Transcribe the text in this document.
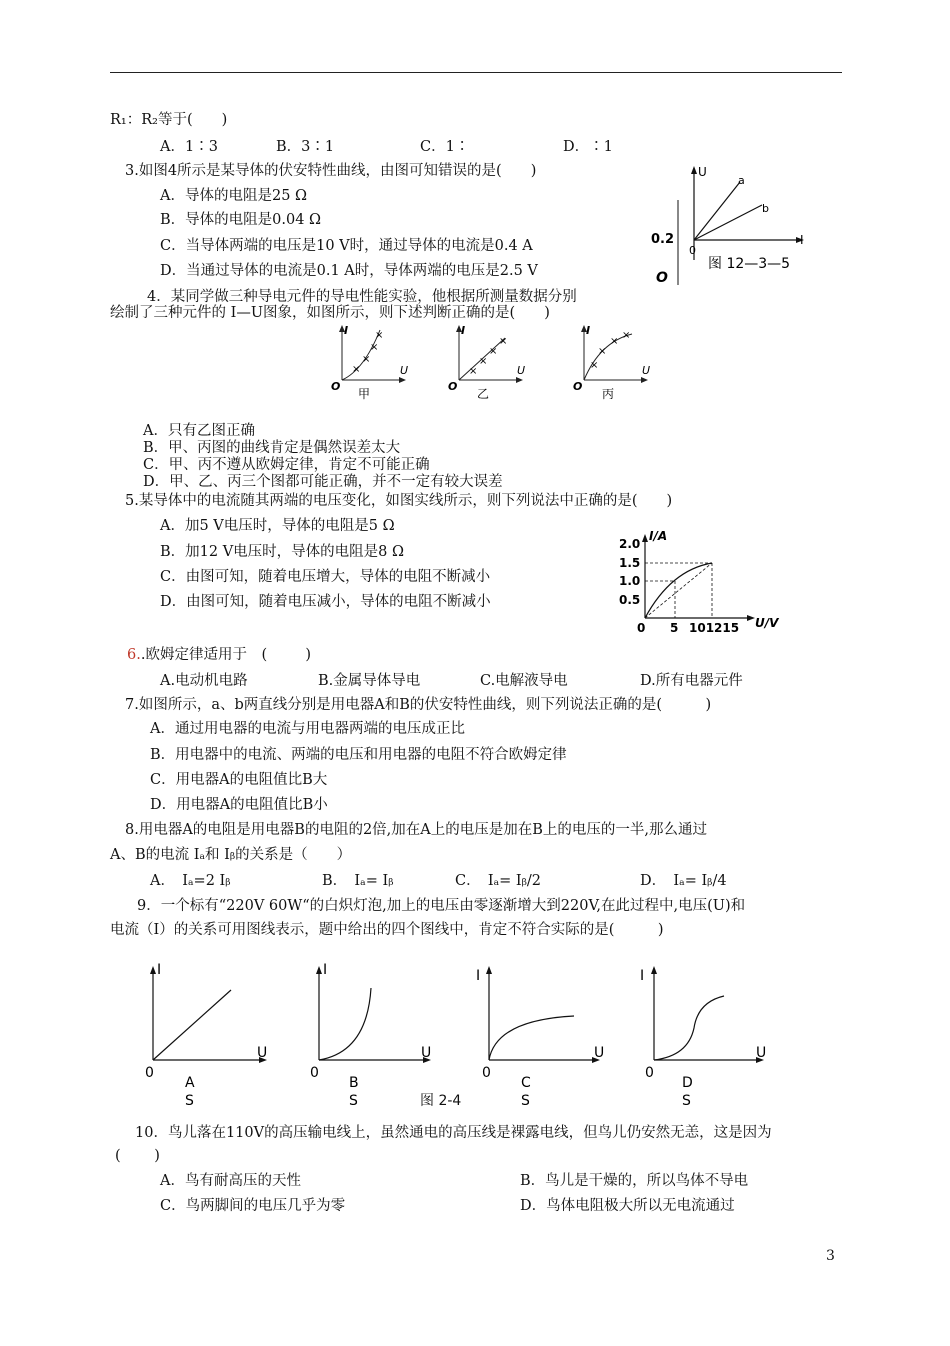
R₁：R₂等于(　　)
A．1∶3	B．3∶1	C．1∶	D．∶1
3.如图4所示是某导体的伏安特性曲线，由图可知错误的是(　　)
A．导体的电阻是25 Ω
B．导体的电阻是0.04 Ω
C．当导体两端的电压是10 V时，通过导体的电流是0.4 A
D．当通过导体的电流是0.1 A时，导体两端的电压是2.5 V
U
a
b
I
0
0.2
O
图 12—3—5
4．某同学做三种导电元件的导电性能实验，他根据所测量数据分别
绘制了三种元件的 I—U图象，如图所示，则下述判断正确的是(　　)
×
×
×
×
I
U
O
甲
×
×
×
×
I
U
O
乙
×
×
×
×
I
U
O
丙
A．只有乙图正确
B．甲、丙图的曲线肯定是偶然误差太大
C．甲、丙不遵从欧姆定律，肯定不可能正确
D．甲、乙、丙三个图都可能正确，并不一定有较大误差
5.某导体中的电流随其两端的电压变化，如图实线所示，则下列说法中正确的是(　　)
A．加5 V电压时，导体的电阻是5 Ω
B．加12 V电压时，导体的电阻是8 Ω
C．由图可知，随着电压增大，导体的电阻不断减小
D．由图可知，随着电压减小，导体的电阻不断减小
I/A
2.0
1.5
1.0
0.5
0 5 101215 U/V
6..欧姆定律适用于　( 　　 )
A.电动机电路	B.金属导体导电	C.电解液导电	D.所有电器元件
7.如图所示，a、b两直线分别是用电器A和B的伏安特性曲线，则下列说法正确的是(　　　)
A．通过用电器的电流与用电器两端的电压成正比
B．用电器中的电流、两端的电压和用电器的电阻不符合欧姆定律
C．用电器A的电阻值比B大
D．用电器A的电阻值比B小
8.用电器A的电阻是用电器B的电阻的2倍,加在A上的电压是加在B上的电压的一半,那么通过
A、B的电流 Iₐ和 Iᵦ的关系是（　　）
A．　Iₐ=2 Iᵦ	B．　Iₐ= Iᵦ	C．　Iₐ= Iᵦ/2	D．　Iₐ= Iᵦ/4
9．一个标有“220V 60W“的白炽灯泡,加上的电压由零逐渐增大到220V,在此过程中,电压(U)和
电流（I）的关系可用图线表示，题中给出的四个图线中，肯定不符合实际的是(　　　)
I
U
0
A
S
I
U
0
B
S
I
U
0
C
S
I
U
0
D
S
图 2-4
10．鸟儿落在110V的高压输电线上，虽然通电的高压线是裸露电线，但鸟儿仍安然无恙，这是因为
(　　 )
A．鸟有耐高压的天性	B．鸟儿是干燥的，所以鸟体不导电
C．鸟两脚间的电压几乎为零	D．鸟体电阻极大所以无电流通过
3
